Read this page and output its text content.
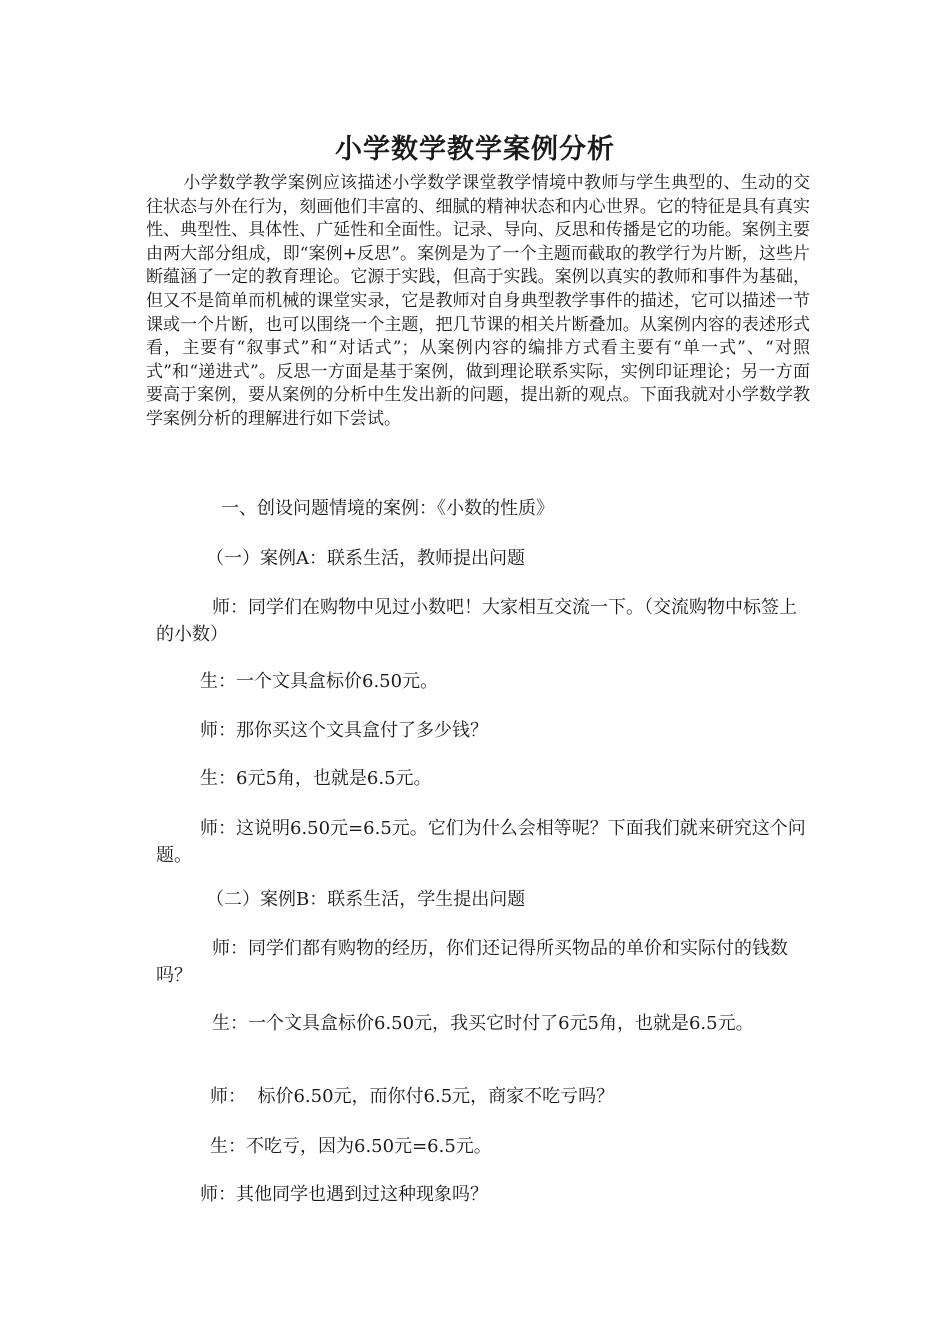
小学数学教学案例分析
小学数学教学案例应该描述小学数学课堂教学情境中教师与学生典型的、生动的交往状态与外在行为，刻画他们丰富的、细腻的精神状态和内心世界。它的特征是具有真实性、典型性、具体性、广延性和全面性。记录、导向、反思和传播是它的功能。案例主要由两大部分组成，即“案例+反思”。案例是为了一个主题而截取的教学行为片断，这些片断蕴涵了一定的教育理论。它源于实践，但高于实践。案例以真实的教师和事件为基础，但又不是简单而机械的课堂实录，它是教师对自身典型教学事件的描述，它可以描述一节课或一个片断，也可以围绕一个主题，把几节课的相关片断叠加。从案例内容的表述形式看，主要有“叙事式”和“对话式”；从案例内容的编排方式看主要有“单一式”、“对照式”和“递进式”。反思一方面是基于案例，做到理论联系实际，实例印证理论；另一方面要高于案例，要从案例的分析中生发出新的问题，提出新的观点。下面我就对小学数学教学案例分析的理解进行如下尝试。
一、创设问题情境的案例：《小数的性质》
（一）案例A：联系生活，教师提出问题
师：同学们在购物中见过小数吧！大家相互交流一下。（交流购物中标签上的小数）
生：一个文具盒标价6.50元。
师：那你买这个文具盒付了多少钱？
生：6元5角，也就是6.5元。
师：这说明6.50元=6.5元。它们为什么会相等呢？下面我们就来研究这个问题。
（二）案例B：联系生活，学生提出问题
师：同学们都有购物的经历，你们还记得所买物品的单价和实际付的钱数吗？
生：一个文具盒标价6.50元，我买它时付了6元5角，也就是6.5元。
师：  标价6.50元，而你付6.5元，商家不吃亏吗？
生：不吃亏，因为6.50元=6.5元。
师：其他同学也遇到过这种现象吗？
